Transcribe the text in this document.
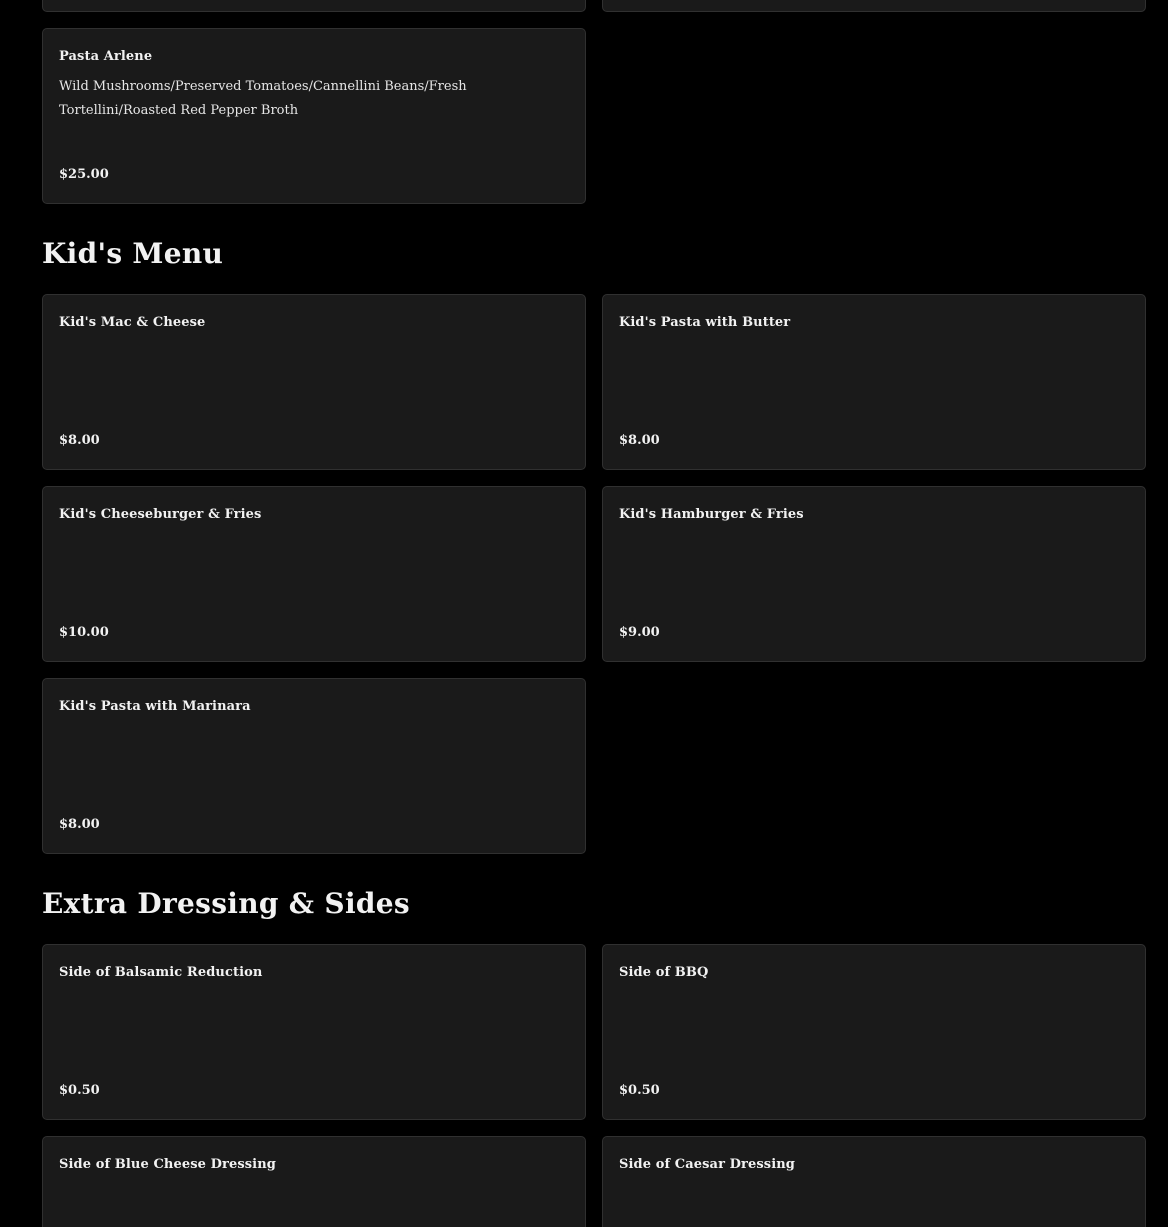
Pasta Arlene
Wild Mushrooms/Preserved Tomatoes/Cannellini Beans/Fresh Tortellini/Roasted Red Pepper Broth
$25.00
Kid's Menu
Kid's Mac & Cheese
$8.00
Kid's Pasta with Butter
$8.00
Kid's Cheeseburger & Fries
$10.00
Kid's Hamburger & Fries
$9.00
Kid's Pasta with Marinara
$8.00
Extra Dressing & Sides
Side of Balsamic Reduction
$0.50
Side of BBQ
$0.50
Side of Blue Cheese Dressing	Side of Caesar Dressing
